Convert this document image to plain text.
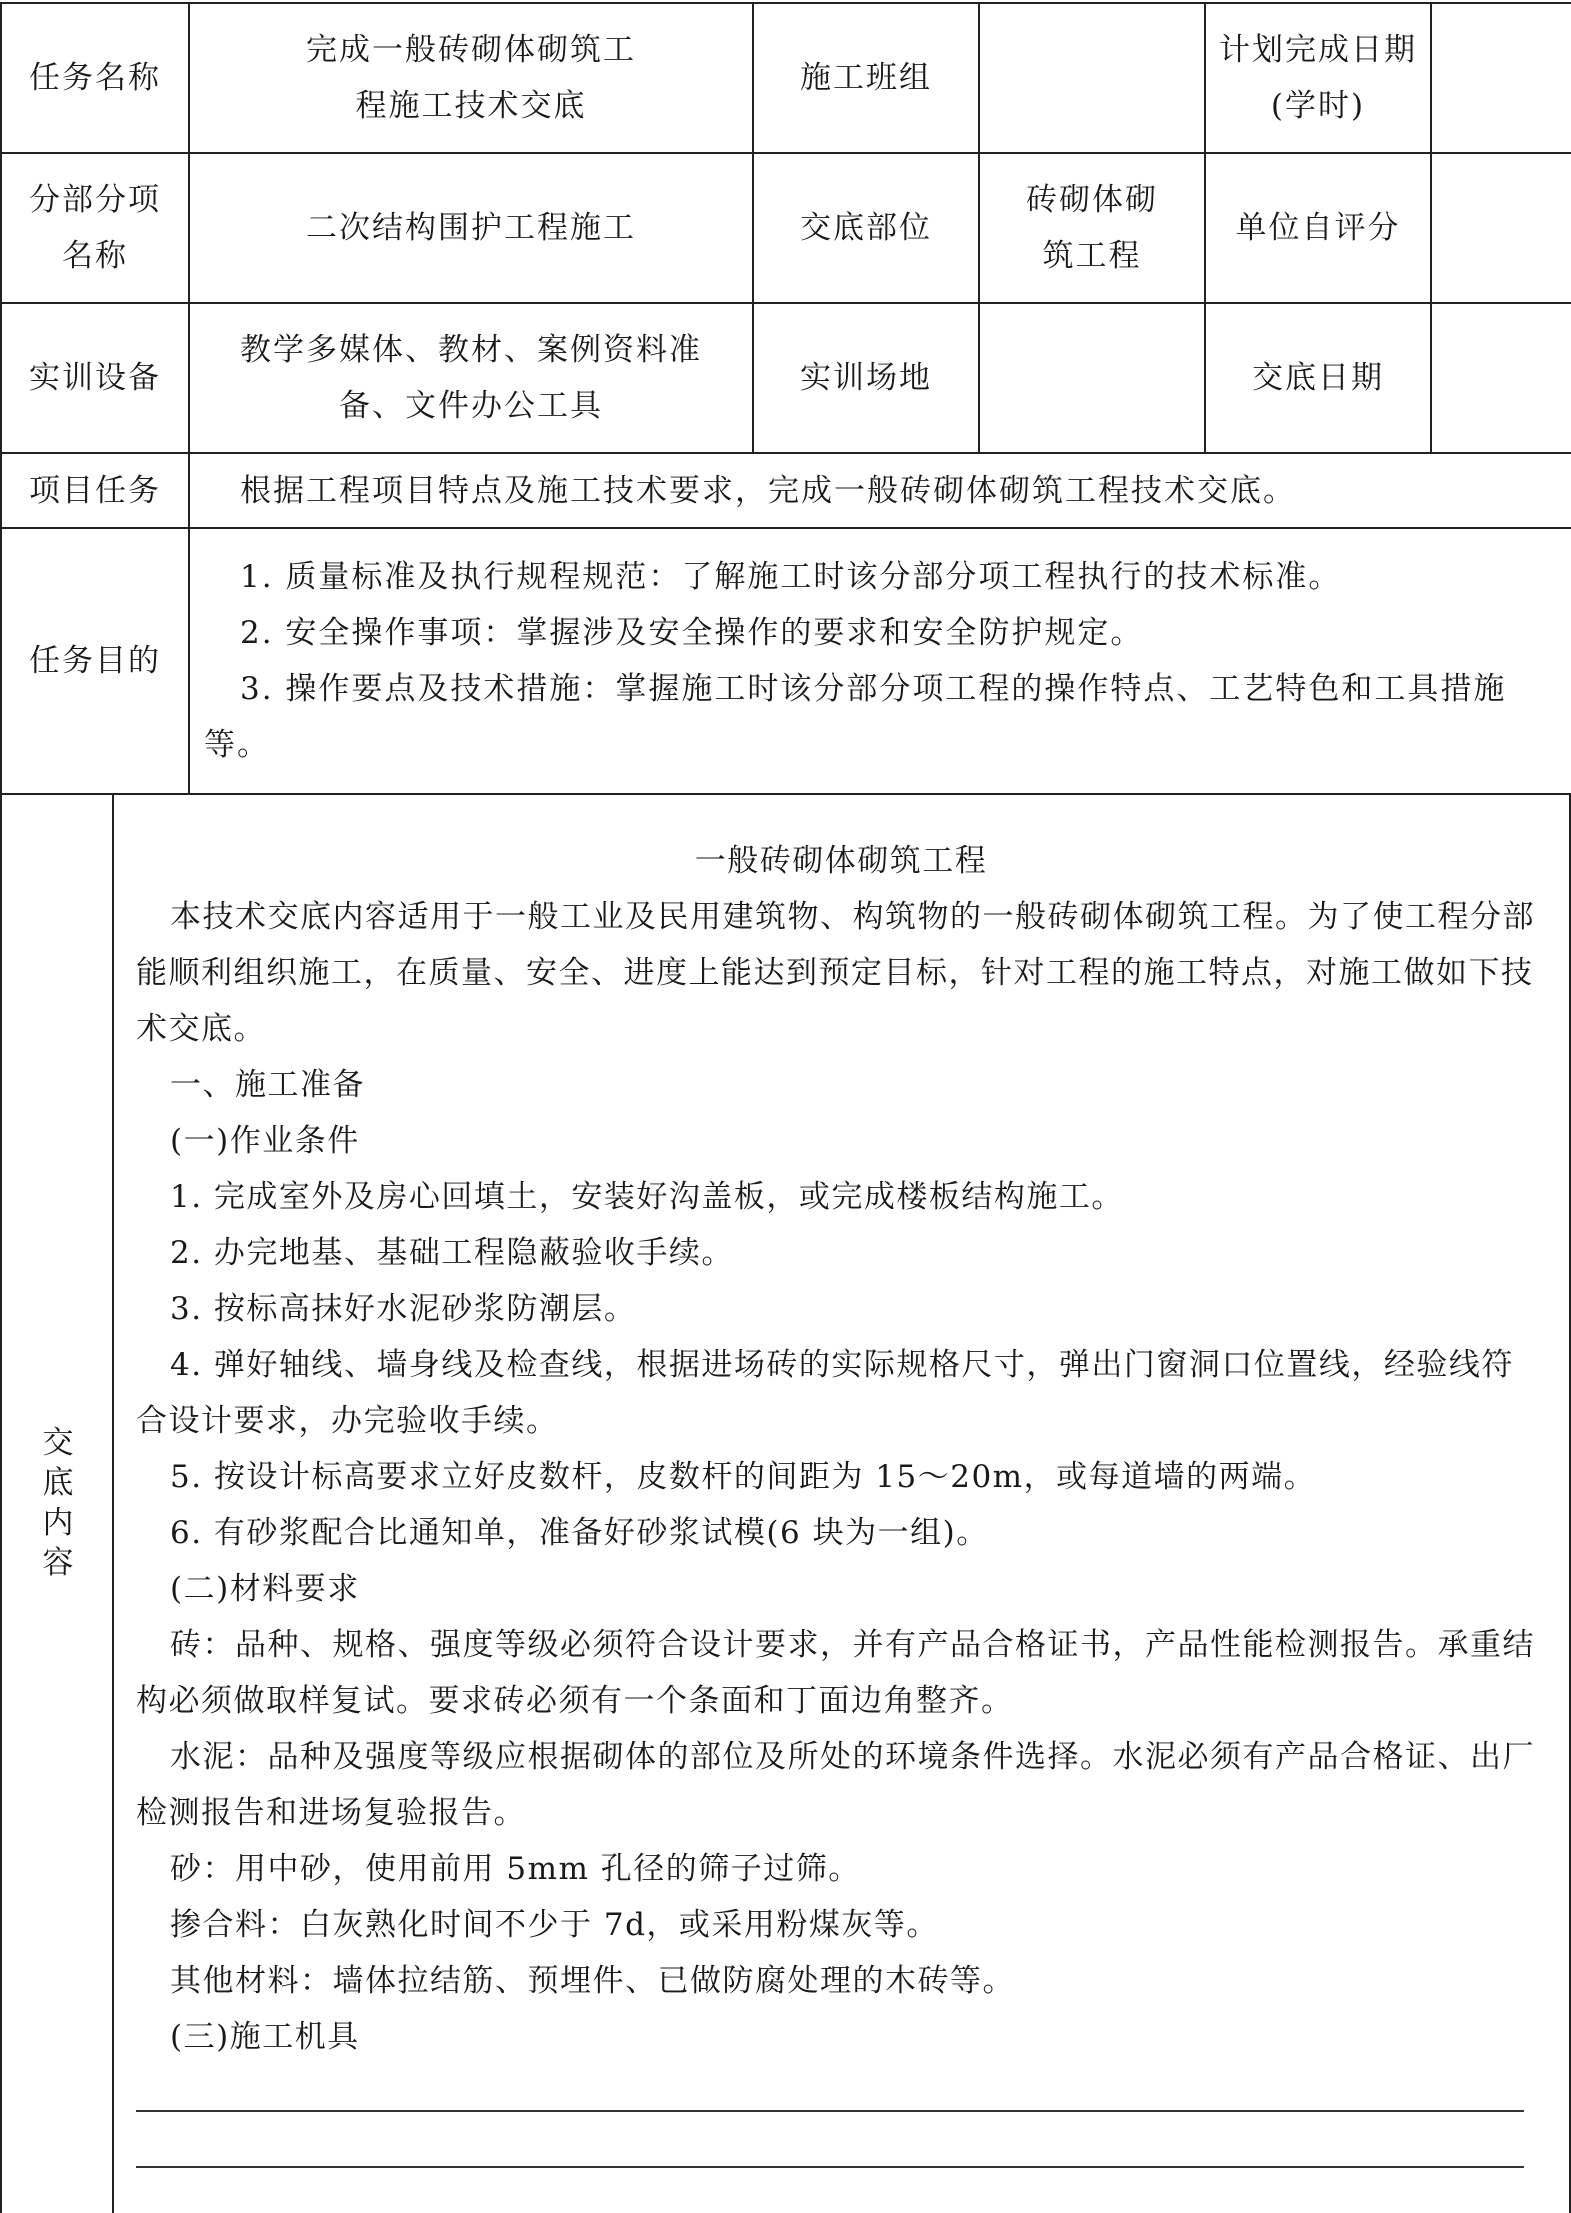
任务名称	完成一般砖砌体砌筑工程施工技术交底	施工班组		计划完成日期(学时)	
分部分项名称	二次结构围护工程施工	交底部位	砖砌体砌筑工程	单位自评分	
实训设备	教学多媒体、教材、案例资料准备、文件办公工具	实训场地		交底日期	
项目任务	根据工程项目特点及施工技术要求，完成一般砖砌体砌筑工程技术交底。				
任务目的	1. 质量标准及执行规程规范：了解施工时该分部分项工程执行的技术标准。
2. 安全操作事项：掌握涉及安全操作的要求和安全防护规定。
3. 操作要点及技术措施：掌握施工时该分部分项工程的操作特点、工艺特色和工具措施等。				
交底内容

一般砖砌体砌筑工程

本技术交底内容适用于一般工业及民用建筑物、构筑物的一般砖砌体砌筑工程。为了使工程分部能顺利组织施工，在质量、安全、进度上能达到预定目标，针对工程的施工特点，对施工做如下技术交底。

一、施工准备

(一)作业条件

1. 完成室外及房心回填土，安装好沟盖板，或完成楼板结构施工。

2. 办完地基、基础工程隐蔽验收手续。

3. 按标高抹好水泥砂浆防潮层。

4. 弹好轴线、墙身线及检查线，根据进场砖的实际规格尺寸，弹出门窗洞口位置线，经验线符合设计要求，办完验收手续。

5. 按设计标高要求立好皮数杆，皮数杆的间距为 15～20m，或每道墙的两端。

6. 有砂浆配合比通知单，准备好砂浆试模(6 块为一组)。

(二)材料要求

砖：品种、规格、强度等级必须符合设计要求，并有产品合格证书，产品性能检测报告。承重结构必须做取样复试。要求砖必须有一个条面和丁面边角整齐。

水泥：品种及强度等级应根据砌体的部位及所处的环境条件选择。水泥必须有产品合格证、出厂检测报告和进场复验报告。

砂：用中砂，使用前用 5mm 孔径的筛子过筛。

掺合料：白灰熟化时间不少于 7d，或采用粉煤灰等。

其他材料：墙体拉结筋、预埋件、已做防腐处理的木砖等。

(三)施工机具
